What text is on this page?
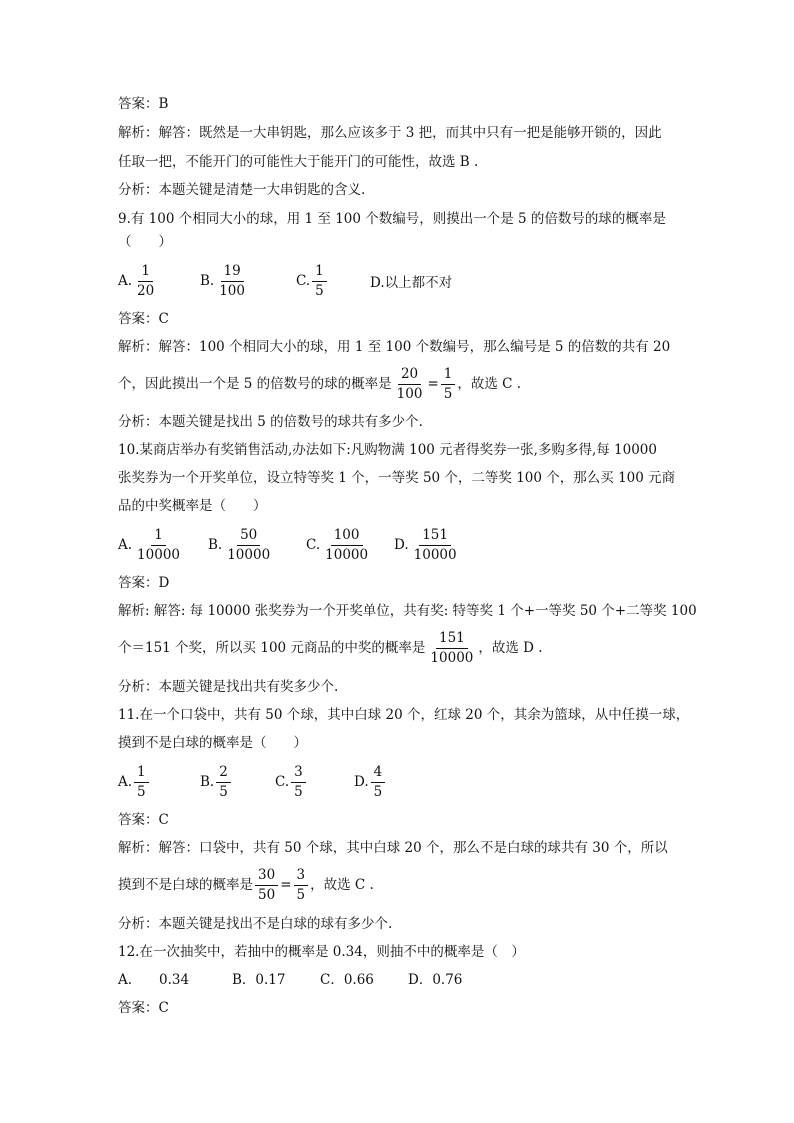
答案：B
解析：解答：既然是一大串钥匙，那么应该多于 3 把，而其中只有一把是能够开锁的，因此
任取一把，不能开门的可能性大于能开门的可能性，故选 B .
分析：本题关键是清楚一大串钥匙的含义.
9.有 100 个相同大小的球，用 1 至 100 个数编号，则摸出一个是 5 的倍数号的球的概率是
（　　）
A. $\frac{1}{20}$	B. $\frac{19}{100}$	C. $\frac{1}{5}$	D.以上都不对
答案：C
解析：解答：100 个相同大小的球，用 1 至 100 个数编号，那么编号是 5 的倍数的共有 20
个，因此摸出一个是 5 的倍数号的球的概率是 $\frac{20}{100} = \frac{1}{5}$ ，故选 C .
分析：本题关键是找出 5 的倍数号的球共有多少个.
10.某商店举办有奖销售活动,办法如下:凡购物满 100 元者得奖券一张,多购多得,每 10000
张奖券为一个开奖单位，设立特等奖 1 个，一等奖 50 个，二等奖 100 个，那么买 100 元商
品的中奖概率是（　　）
A. $\frac{1}{10000} B$. $\frac{50}{10000} C$. $\frac{100}{10000} D$. $\frac{151}{10000}$
答案：D
解析: 解答: 每 10000 张奖券为一个开奖单位，共有奖: 特等奖 1 个+一等奖 50 个+二等奖 100
个＝151 个奖，所以买 100 元商品的中奖的概率是 $\frac{151}{10000}$ ，故选 D .
分析：本题关键是找出共有奖多少个.
11.在一个口袋中，共有 50 个球，其中白球 20 个，红球 20 个，其余为篮球，从中任摸一球，
摸到不是白球的概率是（　　）
A. $\frac{1}{5}$	B. $\frac{2}{5}$	C. $\frac{3}{5}$	D. $\frac{4}{5}$
答案：C
解析：解答：口袋中，共有 50 个球，其中白球 20 个，那么不是白球的球共有 30 个，所以
摸到不是白球的概率是 $\frac{30}{50} = \frac{3}{5}$ ，故选 C .
分析：本题关键是找出不是白球的球有多少个.
12.在一次抽奖中，若抽中的概率是 0.34，则抽不中的概率是（　）
A.　　0.34	B．0.17	C．0.66	D．0.76
答案：C
